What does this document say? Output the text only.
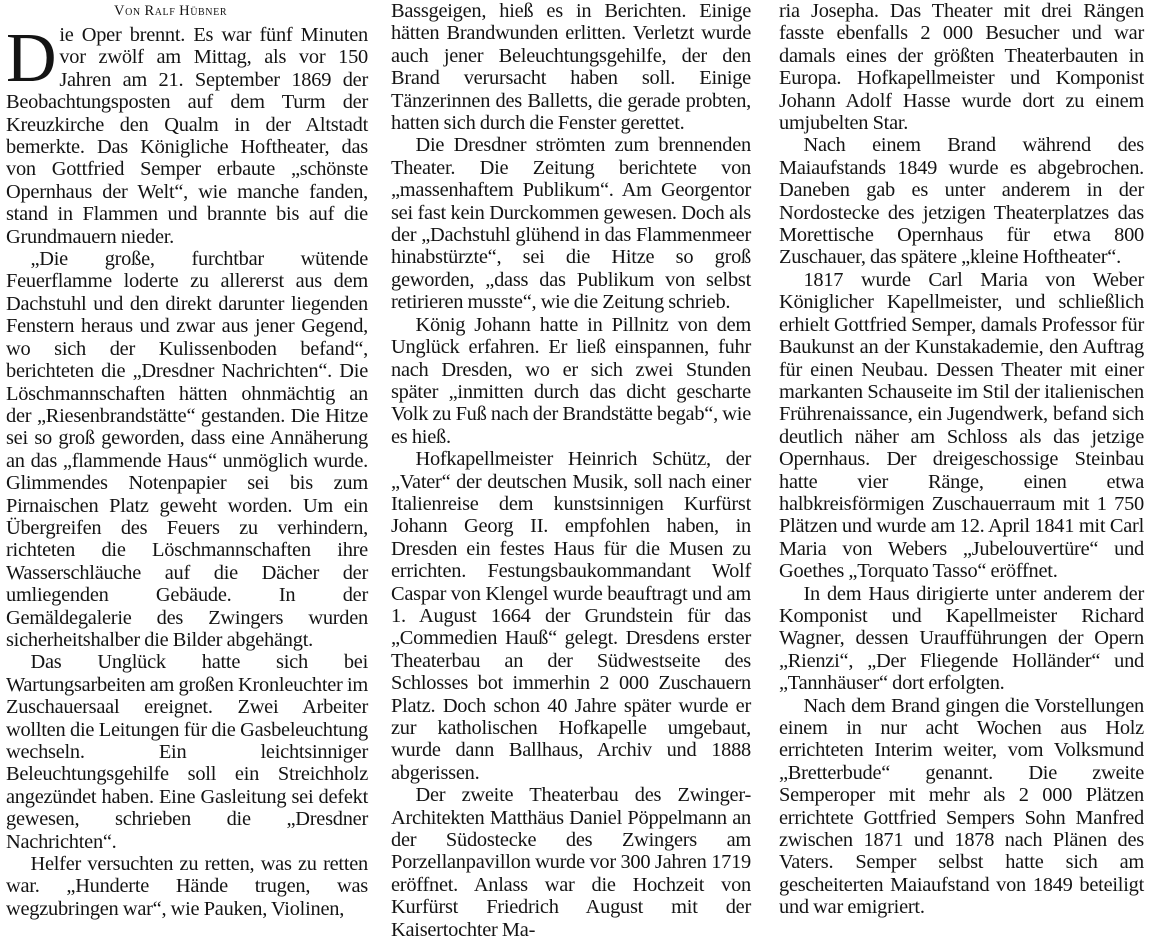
Von Ralf Hübner

Die Oper brennt. Es war fünf Minuten vor zwölf am Mittag, als vor 150 Jahren am 21. September 1869 der Beobachtungsposten auf dem Turm der Kreuzkirche den Qualm in der Altstadt bemerkte. Das Königliche Hoftheater, das von Gottfried Semper erbaute „schönste Opernhaus der Welt“, wie manche fanden, stand in Flammen und brannte bis auf die Grundmauern nieder.

„Die große, furchtbar wütende Feuerflamme loderte zu allererst aus dem Dachstuhl und den direkt darunter liegenden Fenstern heraus und zwar aus jener Gegend, wo sich der Kulissenboden befand“, berichteten die „Dresdner Nachrichten“. Die Löschmannschaften hätten ohnmächtig an der „Riesenbrandstätte“ gestanden. Die Hitze sei so groß geworden, dass eine Annäherung an das „flammende Haus“ unmöglich wurde. Glimmendes Notenpapier sei bis zum Pirnaischen Platz geweht worden. Um ein Übergreifen des Feuers zu verhindern, richteten die Löschmannschaften ihre Wasserschläuche auf die Dächer der umliegenden Gebäude. In der Gemäldegalerie des Zwingers wurden sicherheitshalber die Bilder abgehängt.

Das Unglück hatte sich bei Wartungsarbeiten am großen Kronleuchter im Zuschauersaal ereignet. Zwei Arbeiter wollten die Leitungen für die Gasbeleuchtung wechseln. Ein leichtsinniger Beleuchtungsgehilfe soll ein Streichholz angezündet haben. Eine Gasleitung sei defekt gewesen, schrieben die „Dresdner Nachrichten“.

Helfer versuchten zu retten, was zu retten war. „Hunderte Hände trugen, was wegzubringen war“, wie Pauken, Violinen,

Bassgeigen, hieß es in Berichten. Einige hätten Brandwunden erlitten. Verletzt wurde auch jener Beleuchtungsgehilfe, der den Brand verursacht haben soll. Einige Tänzerinnen des Balletts, die gerade probten, hatten sich durch die Fenster gerettet.

Die Dresdner strömten zum brennenden Theater. Die Zeitung berichtete von „massenhaftem Publikum“. Am Georgentor sei fast kein Durckommen gewesen. Doch als der „Dachstuhl glühend in das Flammenmeer hinabstürzte“, sei die Hitze so groß geworden, „dass das Publikum von selbst retirieren musste“, wie die Zeitung schrieb.

König Johann hatte in Pillnitz von dem Unglück erfahren. Er ließ einspannen, fuhr nach Dresden, wo er sich zwei Stunden später „inmitten durch das dicht gescharte Volk zu Fuß nach der Brandstätte begab“, wie es hieß.

Hofkapellmeister Heinrich Schütz, der „Vater“ der deutschen Musik, soll nach einer Italienreise dem kunstsinnigen Kurfürst Johann Georg II. empfohlen haben, in Dresden ein festes Haus für die Musen zu errichten. Festungsbaukommandant Wolf Caspar von Klengel wurde beauftragt und am 1. August 1664 der Grundstein für das „Commedien Hauß“ gelegt. Dresdens erster Theaterbau an der Südwestseite des Schlosses bot immerhin 2 000 Zuschauern Platz. Doch schon 40 Jahre später wurde er zur katholischen Hofkapelle umgebaut, wurde dann Ballhaus, Archiv und 1888 abgerissen.

Der zweite Theaterbau des Zwinger-Architekten Matthäus Daniel Pöppelmann an der Südostecke des Zwingers am Porzellanpavillon wurde vor 300 Jahren 1719 eröffnet. Anlass war die Hochzeit von Kurfürst Friedrich August mit der Kaisertochter Ma-

ria Josepha. Das Theater mit drei Rängen fasste ebenfalls 2 000 Besucher und war damals eines der größten Theaterbauten in Europa. Hofkapellmeister und Komponist Johann Adolf Hasse wurde dort zu einem umjubelten Star.

Nach einem Brand während des Maiaufstands 1849 wurde es abgebrochen. Daneben gab es unter anderem in der Nordostecke des jetzigen Theaterplatzes das Morettische Opernhaus für etwa 800 Zuschauer, das spätere „kleine Hoftheater“.

1817 wurde Carl Maria von Weber Königlicher Kapellmeister, und schließlich erhielt Gottfried Semper, damals Professor für Baukunst an der Kunstakademie, den Auftrag für einen Neubau. Dessen Theater mit einer markanten Schauseite im Stil der italienischen Frührenaissance, ein Jugendwerk, befand sich deutlich näher am Schloss als das jetzige Opernhaus. Der dreigeschossige Steinbau hatte vier Ränge, einen etwa halbkreisförmigen Zuschauerraum mit 1 750 Plätzen und wurde am 12. April 1841 mit Carl Maria von Webers „Jubelouvertüre“ und Goethes „Torquato Tasso“ eröffnet.

In dem Haus dirigierte unter anderem der Komponist und Kapellmeister Richard Wagner, dessen Uraufführungen der Opern „Rienzi“, „Der Fliegende Holländer“ und „Tannhäuser“ dort erfolgten.

Nach dem Brand gingen die Vorstellungen einem in nur acht Wochen aus Holz errichteten Interim weiter, vom Volksmund „Bretterbude“ genannt. Die zweite Semperoper mit mehr als 2 000 Plätzen errichtete Gottfried Sempers Sohn Manfred zwischen 1871 und 1878 nach Plänen des Vaters. Semper selbst hatte sich am gescheiterten Maiaufstand von 1849 beteiligt und war emigriert.
